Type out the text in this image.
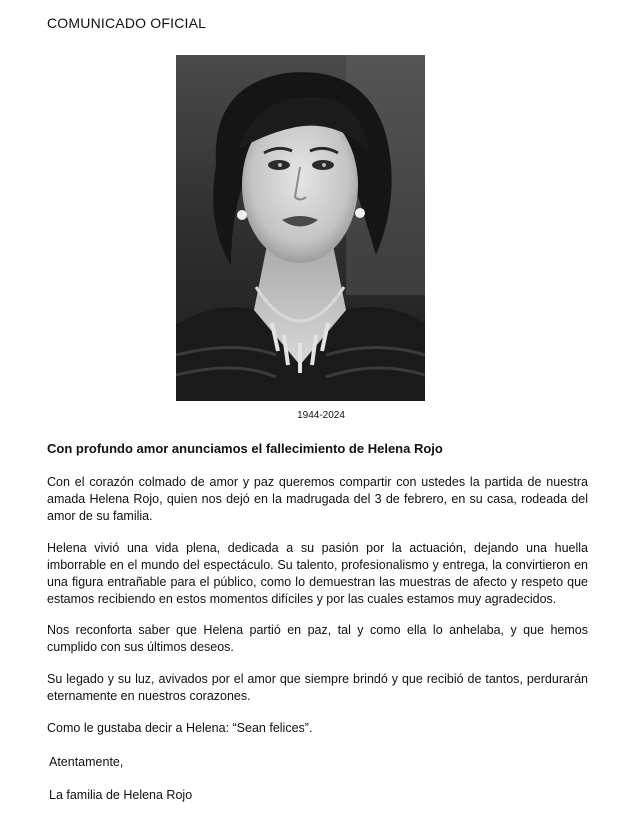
COMUNICADO OFICIAL
1944-2024
Con profundo amor anunciamos el fallecimiento de Helena Rojo
Con el corazón colmado de amor y paz queremos compartir con ustedes la partida de nuestra amada Helena Rojo, quien nos dejó en la madrugada del 3 de febrero, en su casa, rodeada del amor de su familia.
Helena vivió una vida plena, dedicada a su pasión por la actuación, dejando una huella imborrable en el mundo del espectáculo. Su talento, profesionalismo y entrega, la convirtieron en una figura entrañable para el público, como lo demuestran las muestras de afecto y respeto que estamos recibiendo en estos momentos difíciles y por las cuales estamos muy agradecidos.
Nos reconforta saber que Helena partió en paz, tal y como ella lo anhelaba, y que hemos cumplido con sus últimos deseos.
Su legado y su luz, avivados por el amor que siempre brindó y que recibió de tantos, perdurarán eternamente en nuestros corazones.
Como le gustaba decir a Helena: “Sean felices”.
Atentamente,
La familia de Helena Rojo
